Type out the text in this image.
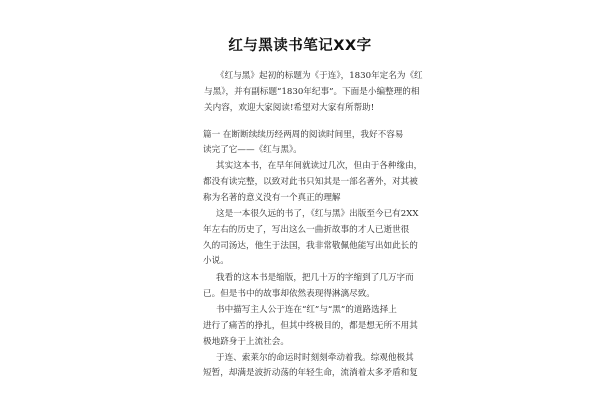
红与黑读书笔记XX字
《红与黑》起初的标题为《于连》，1830年定名为《红
与黑》，并有副标题“1830年纪事”。下面是小编整理的相
关内容，欢迎大家阅读!希望对大家有所帮助!
篇一 在断断续续历经两周的阅读时间里，我好不容易
读完了它——《红与黑》。
其实这本书，在早年间就读过几次，但由于各种缘由，
都没有读完整，以致对此书只知其是一部名著外，对其被
称为名著的意义没有一个真正的理解
这是一本很久远的书了，《红与黑》出版至今已有2XX
年左右的历史了，写出这么一曲折故事的才人已逝世很
久的司汤达，他生于法国，我非常敬佩他能写出如此长的
小说。
我看的这本书是缩版，把几十万的字缩到了几万字而
已。但是书中的故事却依然表现得淋漓尽致。
书中描写主人公于连在“红”与“黑”的道路选择上
进行了痛苦的挣扎，但其中终极目的，都是想无所不用其
极地跻身于上流社会。
于连、索莱尔的命运时时刻刻牵动着我。综观他极其
短暂，却满是波折动荡的年轻生命，流淌着太多矛盾和复
